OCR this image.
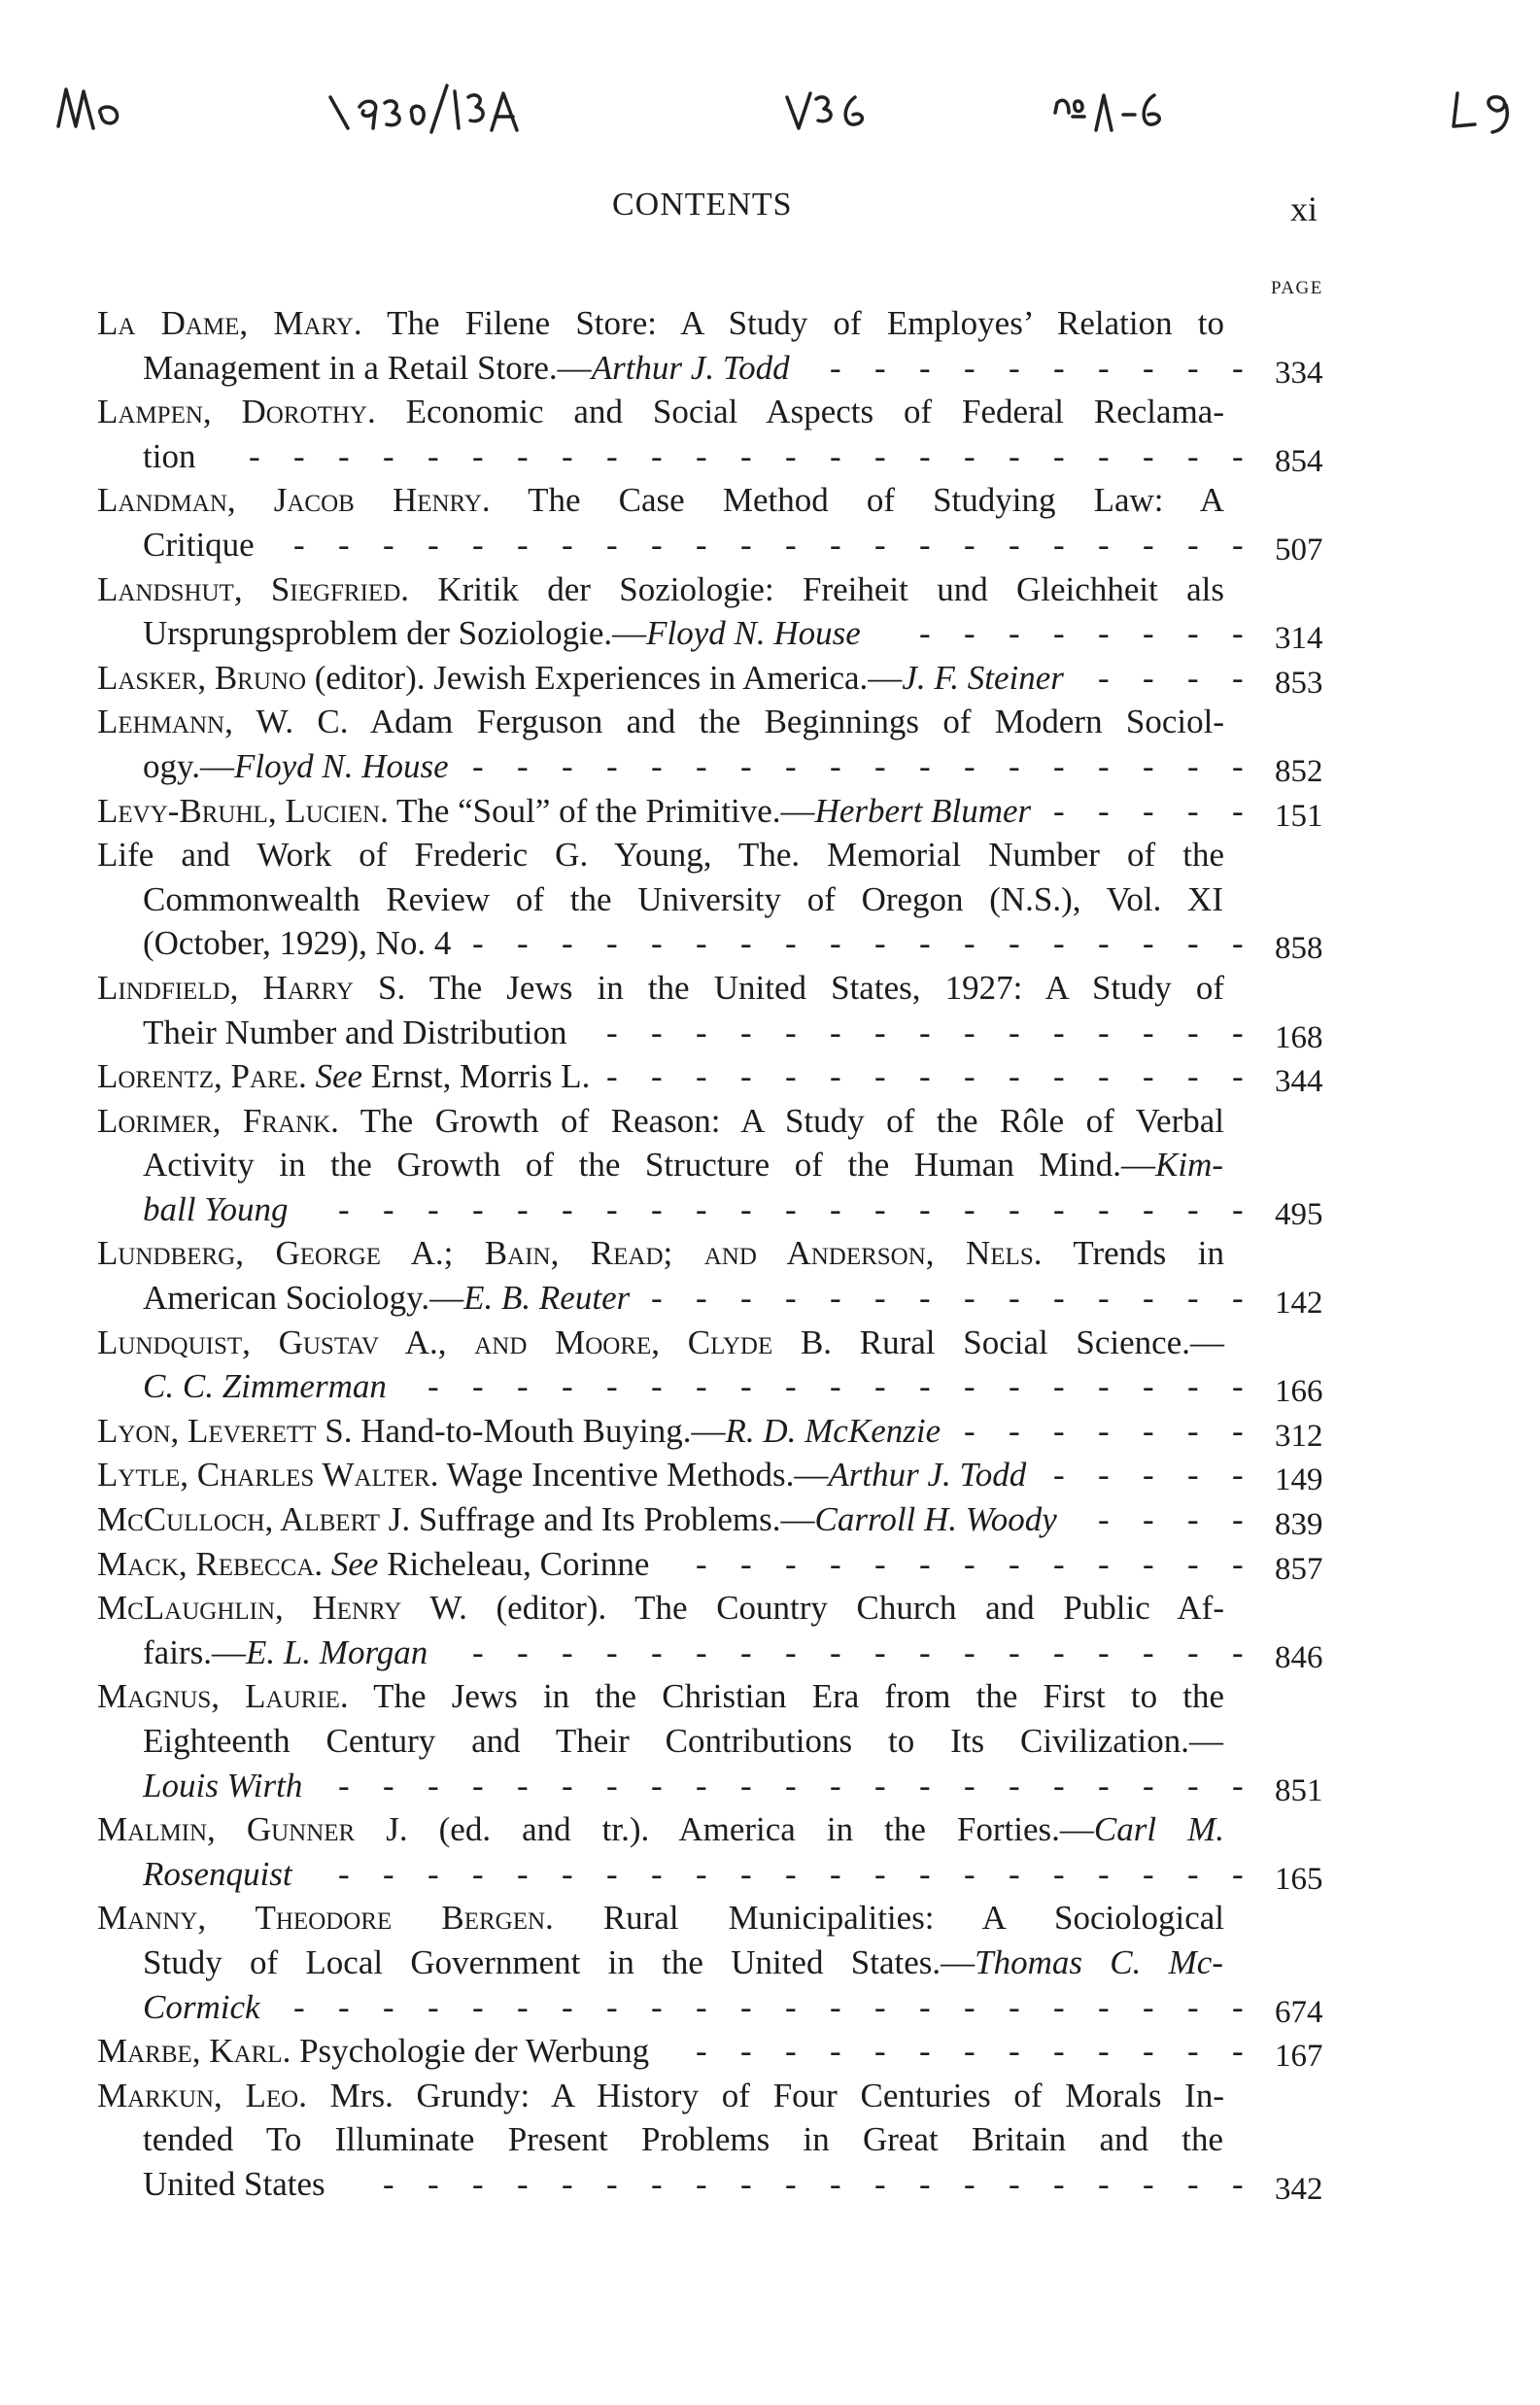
CONTENTS	xi
PAGE
La Dame, Mary. The Filene Store: A Study of Employes’ Relation to
Management in a Retail Store.—Arthur J. Todd	334
-
-
-
-
-
-
-
-
-
-
Lampen, Dorothy. Economic and Social Aspects of Federal Reclama-
tion	854
-
-
-
-
-
-
-
-
-
-
-
-
-
-
-
-
-
-
-
-
-
-
-
Landman, Jacob Henry. The Case Method of Studying Law: A
Critique	507
-
-
-
-
-
-
-
-
-
-
-
-
-
-
-
-
-
-
-
-
-
-
Landshut, Siegfried. Kritik der Soziologie: Freiheit und Gleichheit als
Ursprungsproblem der Soziologie.—Floyd N. House	314
-
-
-
-
-
-
-
-
Lasker, Bruno (editor). Jewish Experiences in America.—J. F. Steiner	853
-
-
-
-
Lehmann, W. C. Adam Ferguson and the Beginnings of Modern Sociol-
ogy.—Floyd N. House	852
-
-
-
-
-
-
-
-
-
-
-
-
-
-
-
-
-
-
Levy-Bruhl, Lucien. The “Soul” of the Primitive.—Herbert Blumer	151
-
-
-
-
-
Life and Work of Frederic G. Young, The. Memorial Number of the
Commonwealth Review of the University of Oregon (N.S.), Vol. XI
(October, 1929), No. 4	858
-
-
-
-
-
-
-
-
-
-
-
-
-
-
-
-
-
-
Lindfield, Harry S. The Jews in the United States, 1927: A Study of
Their Number and Distribution	168
-
-
-
-
-
-
-
-
-
-
-
-
-
-
-
Lorentz, Pare. See Ernst, Morris L.	344
-
-
-
-
-
-
-
-
-
-
-
-
-
-
-
Lorimer, Frank. The Growth of Reason: A Study of the Rôle of Verbal
Activity in the Growth of the Structure of the Human Mind.—Kim-
ball Young	495
-
-
-
-
-
-
-
-
-
-
-
-
-
-
-
-
-
-
-
-
-
Lundberg, George A.; Bain, Read; and Anderson, Nels. Trends in
American Sociology.—E. B. Reuter	142
-
-
-
-
-
-
-
-
-
-
-
-
-
-
Lundquist, Gustav A., and Moore, Clyde B. Rural Social Science.—
C. C. Zimmerman	166
-
-
-
-
-
-
-
-
-
-
-
-
-
-
-
-
-
-
-
Lyon, Leverett S. Hand-to-Mouth Buying.—R. D. McKenzie	312
-
-
-
-
-
-
-
Lytle, Charles Walter. Wage Incentive Methods.—Arthur J. Todd	149
-
-
-
-
-
McCulloch, Albert J. Suffrage and Its Problems.—Carroll H. Woody	839
-
-
-
-
Mack, Rebecca. See Richeleau, Corinne	857
-
-
-
-
-
-
-
-
-
-
-
-
-
McLaughlin, Henry W. (editor). The Country Church and Public Af-
fairs.—E. L. Morgan	846
-
-
-
-
-
-
-
-
-
-
-
-
-
-
-
-
-
-
Magnus, Laurie. The Jews in the Christian Era from the First to the
Eighteenth Century and Their Contributions to Its Civilization.—
Louis Wirth	851
-
-
-
-
-
-
-
-
-
-
-
-
-
-
-
-
-
-
-
-
-
Malmin, Gunner J. (ed. and tr.). America in the Forties.—Carl M.
Rosenquist	165
-
-
-
-
-
-
-
-
-
-
-
-
-
-
-
-
-
-
-
-
-
Manny, Theodore Bergen. Rural Municipalities: A Sociological
Study of Local Government in the United States.—Thomas C. Mc-
Cormick	674
-
-
-
-
-
-
-
-
-
-
-
-
-
-
-
-
-
-
-
-
-
-
Marbe, Karl. Psychologie der Werbung	167
-
-
-
-
-
-
-
-
-
-
-
-
-
Markun, Leo. Mrs. Grundy: A History of Four Centuries of Morals In-
tended To Illuminate Present Problems in Great Britain and the
United States	342
-
-
-
-
-
-
-
-
-
-
-
-
-
-
-
-
-
-
-
-
